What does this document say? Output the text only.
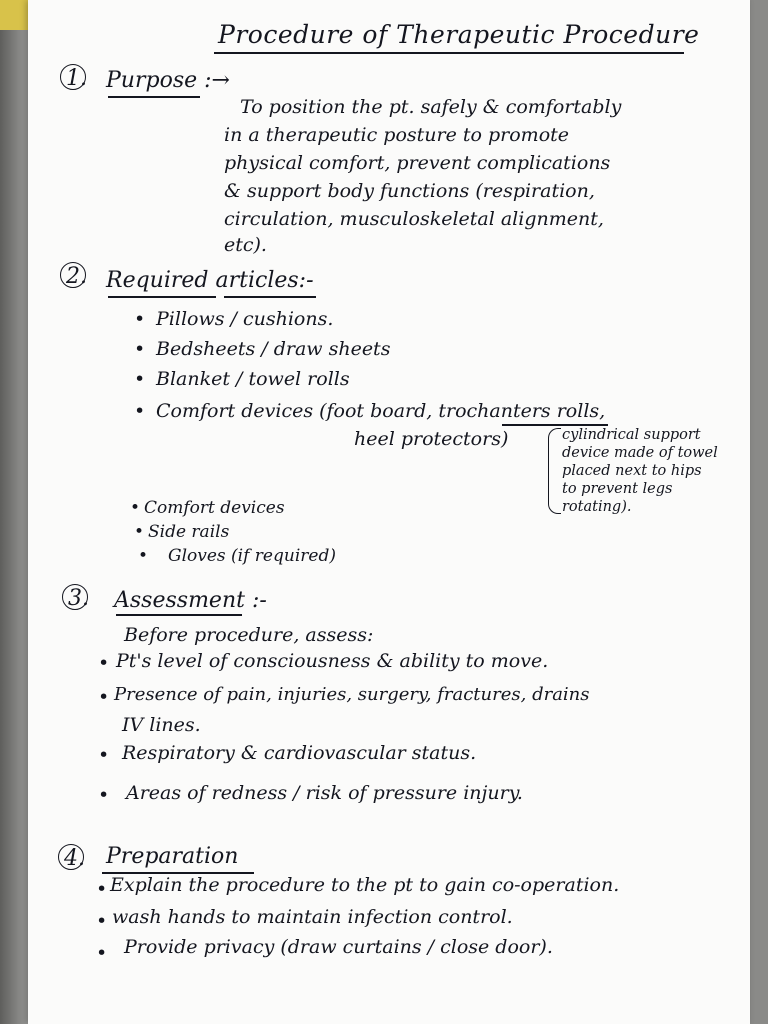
Procedure of Therapeutic Procedure
1. Purpose :→
To position the pt. safely & comfortably
in a therapeutic posture to promote
physical comfort, prevent complications
& support body functions (respiration,
circulation, musculoskeletal alignment,
etc).
2. Required articles:-
• Pillows / cushions.
• Bedsheets / draw sheets
• Blanket / towel rolls
• Comfort devices (foot board, trochanters rolls,
heel protectors)	cylindrical support
device made of towel
placed next to hips
to prevent legs
rotating).
• Comfort devices
• Side rails
• Gloves (if required)
3. Assessment :-
Before procedure, assess:
• Pt's level of consciousness & ability to move.
• Presence of pain, injuries, surgery, fractures, drains
IV lines.
• Respiratory & cardiovascular status.
• Areas of redness / risk of pressure injury.
4. Preparation
• Explain the procedure to the pt to gain co-operation.
• wash hands to maintain infection control.
• Provide privacy (draw curtains / close door).
